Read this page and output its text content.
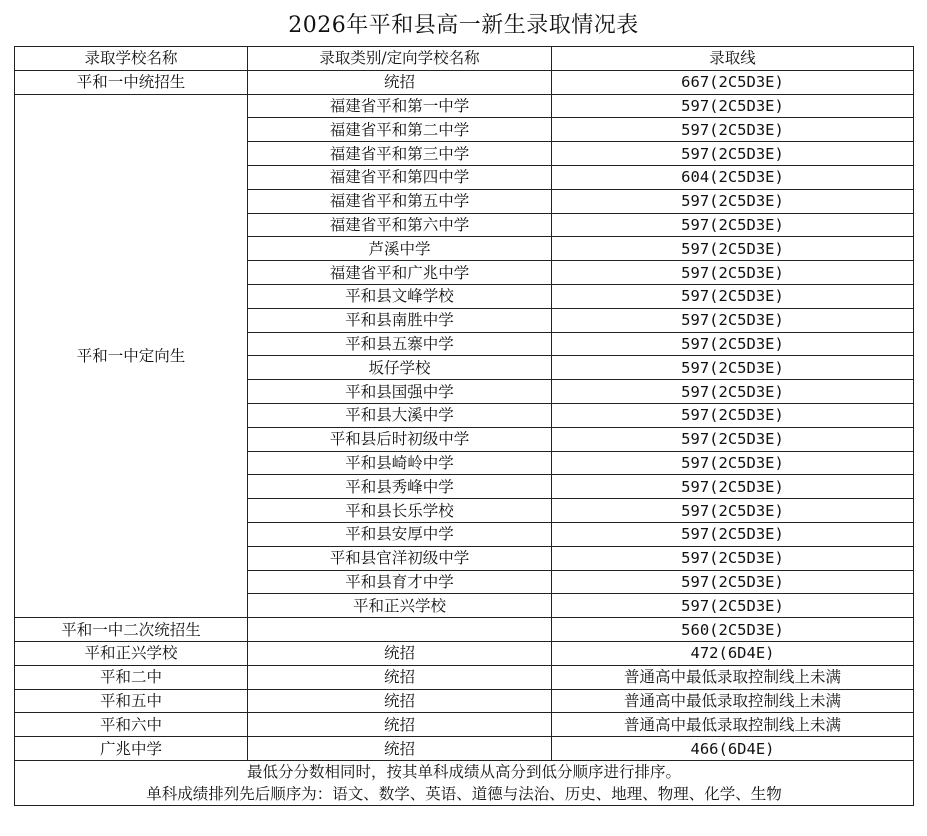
2026年平和县高一新生录取情况表
录取学校名称	录取类别/定向学校名称	录取线
平和一中统招生	统招	667(2C5D3E)
平和一中定向生	福建省平和第一中学	597(2C5D3E)
	福建省平和第二中学	597(2C5D3E)
	福建省平和第三中学	597(2C5D3E)
	福建省平和第四中学	604(2C5D3E)
	福建省平和第五中学	597(2C5D3E)
	福建省平和第六中学	597(2C5D3E)
	芦溪中学	597(2C5D3E)
	福建省平和广兆中学	597(2C5D3E)
	平和县文峰学校	597(2C5D3E)
	平和县南胜中学	597(2C5D3E)
	平和县五寨中学	597(2C5D3E)
	坂仔学校	597(2C5D3E)
	平和县国强中学	597(2C5D3E)
	平和县大溪中学	597(2C5D3E)
	平和县后时初级中学	597(2C5D3E)
	平和县崎岭中学	597(2C5D3E)
	平和县秀峰中学	597(2C5D3E)
	平和县长乐学校	597(2C5D3E)
	平和县安厚中学	597(2C5D3E)
	平和县官洋初级中学	597(2C5D3E)
	平和县育才中学	597(2C5D3E)
	平和正兴学校	597(2C5D3E)
平和一中二次统招生		560(2C5D3E)
平和正兴学校	统招	472(6D4E)
平和二中	统招	普通高中最低录取控制线上未满
平和五中	统招	普通高中最低录取控制线上未满
平和六中	统招	普通高中最低录取控制线上未满
广兆中学	统招	466(6D4E)

最低分分数相同时，按其单科成绩从高分到低分顺序进行排序。
单科成绩排列先后顺序为：语文、数学、英语、道德与法治、历史、地理、物理、化学、生物		
